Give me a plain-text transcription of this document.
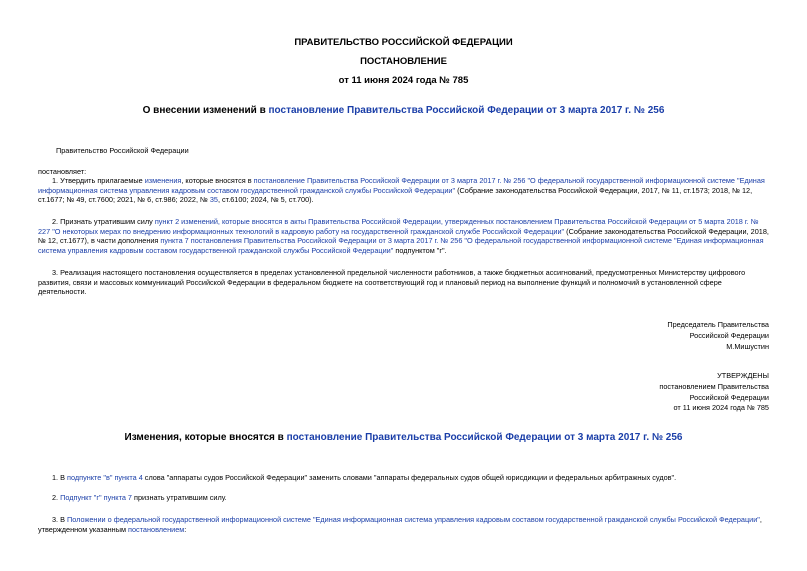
ПРАВИТЕЛЬСТВО РОССИЙСКОЙ ФЕДЕРАЦИИ
ПОСТАНОВЛЕНИЕ
от 11 июня 2024 года № 785
О внесении изменений в постановление Правительства Российской Федерации от 3 марта 2017 г. № 256
Правительство Российской Федерации
постановляет:
1. Утвердить прилагаемые изменения, которые вносятся в постановление Правительства Российской Федерации от 3 марта 2017 г. № 256 "О федеральной государственной информационной системе "Единая информационная система управления кадровым составом государственной гражданской службы Российской Федерации" (Собрание законодательства Российской Федерации, 2017, № 11, ст.1573; 2018, № 12, ст.1677; № 49, ст.7600; 2021, № 6, ст.986; 2022, № 35, ст.6100; 2024, № 5, ст.700).
2. Признать утратившим силу пункт 2 изменений, которые вносятся в акты Правительства Российской Федерации, утвержденных постановлением Правительства Российской Федерации от 5 марта 2018 г. № 227 "О некоторых мерах по внедрению информационных технологий в кадровую работу на государственной гражданской службе Российской Федерации" (Собрание законодательства Российской Федерации, 2018, № 12, ст.1677), в части дополнения пункта 7 постановления Правительства Российской Федерации от 3 марта 2017 г. № 256 "О федеральной государственной информационной системе "Единая информационная система управления кадровым составом государственной гражданской службы Российской Федерации" подпунктом "г".
3. Реализация настоящего постановления осуществляется в пределах установленной предельной численности работников, а также бюджетных ассигнований, предусмотренных Министерству цифрового развития, связи и массовых коммуникаций Российской Федерации в федеральном бюджете на соответствующий год и плановый период на выполнение функций и полномочий в установленной сфере деятельности.
Председатель Правительства
Российской Федерации
М.Мишустин
УТВЕРЖДЕНЫ
постановлением Правительства
Российской Федерации
от 11 июня 2024 года № 785
Изменения, которые вносятся в постановление Правительства Российской Федерации от 3 марта 2017 г. № 256
1. В подпункте "в" пункта 4 слова "аппараты судов Российской Федерации" заменить словами "аппараты федеральных судов общей юрисдикции и федеральных арбитражных судов".
2. Подпункт "г" пункта 7 признать утратившим силу.
3. В Положении о федеральной государственной информационной системе "Единая информационная система управления кадровым составом государственной гражданской службы Российской Федерации", утвержденном указанным постановлением:
